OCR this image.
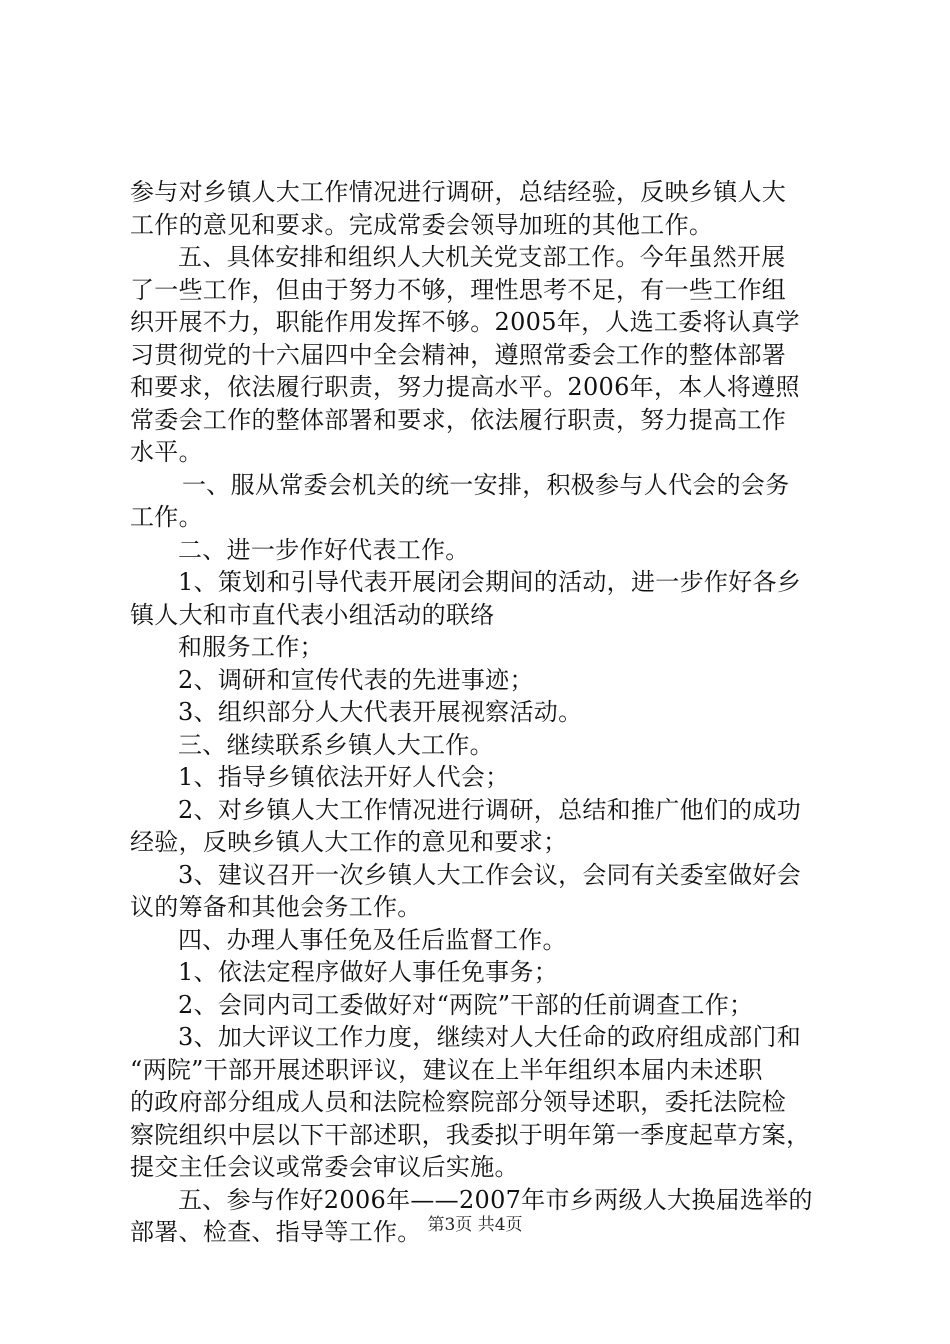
参与对乡镇人大工作情况进行调研，总结经验，反映乡镇人大
工作的意见和要求。完成常委会领导加班的其他工作。
五、具体安排和组织人大机关党支部工作。今年虽然开展
了一些工作，但由于努力不够，理性思考不足，有一些工作组
织开展不力，职能作用发挥不够。2005年，人选工委将认真学
习贯彻党的十六届四中全会精神，遵照常委会工作的整体部署
和要求，依法履行职责，努力提高水平。2006年，本人将遵照
常委会工作的整体部署和要求，依法履行职责，努力提高工作
水平。
一、服从常委会机关的统一安排，积极参与人代会的会务
工作。
二、进一步作好代表工作。
1、策划和引导代表开展闭会期间的活动，进一步作好各乡
镇人大和市直代表小组活动的联络
和服务工作；
2、调研和宣传代表的先进事迹；
3、组织部分人大代表开展视察活动。
三、继续联系乡镇人大工作。
1、指导乡镇依法开好人代会；
2、对乡镇人大工作情况进行调研，总结和推广他们的成功
经验，反映乡镇人大工作的意见和要求；
3、建议召开一次乡镇人大工作会议，会同有关委室做好会
议的筹备和其他会务工作。
四、办理人事任免及任后监督工作。
1、依法定程序做好人事任免事务；
2、会同内司工委做好对“两院”干部的任前调查工作；
3、加大评议工作力度，继续对人大任命的政府组成部门和
“两院”干部开展述职评议，建议在上半年组织本届内未述职
的政府部分组成人员和法院检察院部分领导述职，委托法院检
察院组织中层以下干部述职，我委拟于明年第一季度起草方案，
提交主任会议或常委会审议后实施。
五、参与作好2006年——2007年市乡两级人大换届选举的
部署、检查、指导等工作。 第3页 共4页
